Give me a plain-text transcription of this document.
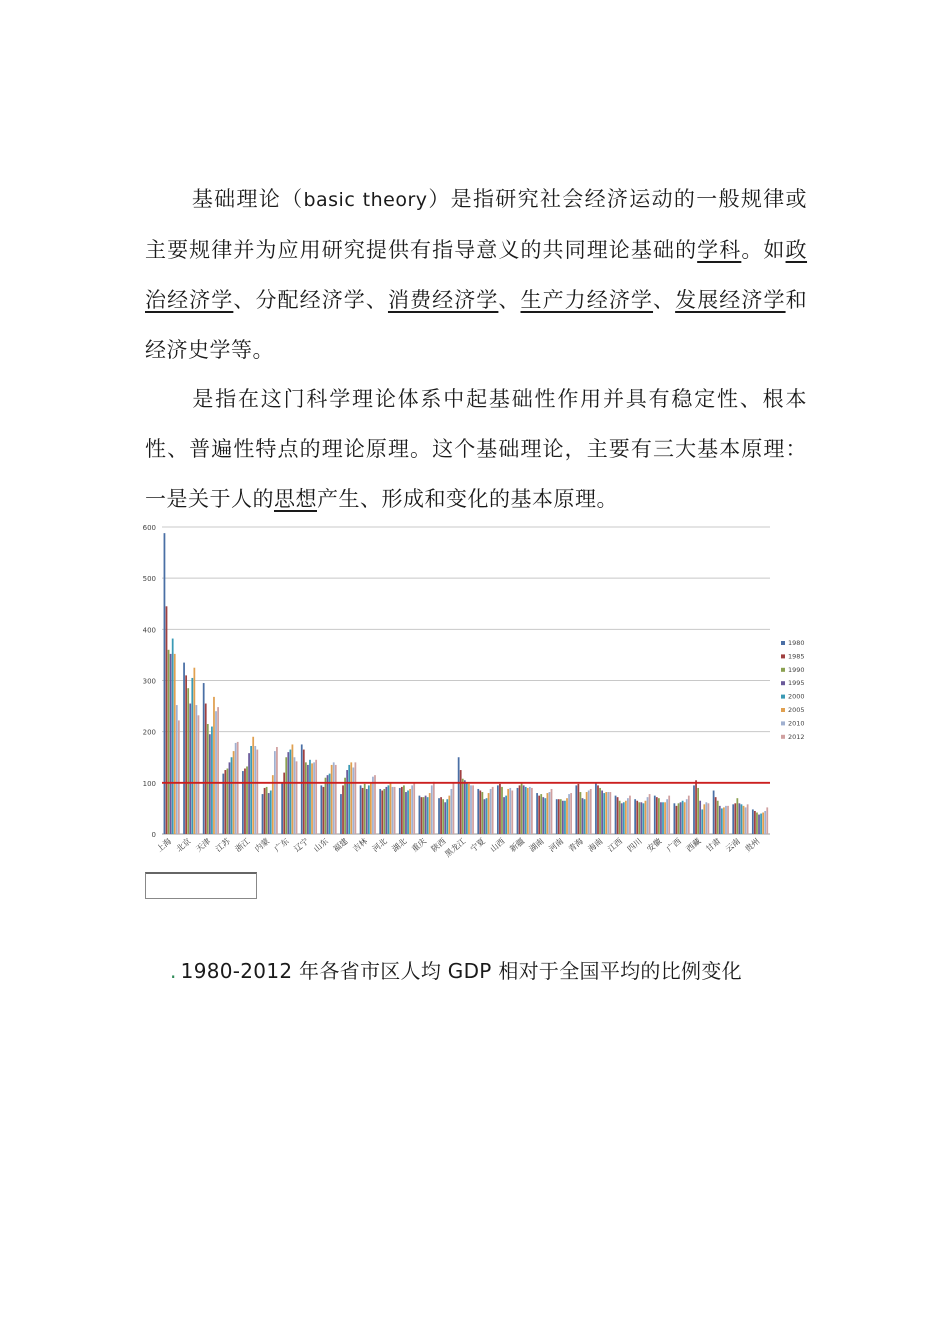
基础理论（basic theory）是指研究社会经济运动的一般规律或主要规律并为应用研究提供有指导意义的共同理论基础的学科。如政治经济学、分配经济学、消费经济学、生产力经济学、发展经济学和经济史学等。
是指在这门科学理论体系中起基础性作用并具有稳定性、根本性、普遍性特点的理论原理。这个基础理论，主要有三大基本原理：一是关于人的思想产生、形成和变化的基本原理。
0
100
200
300
400
500
600
上海 北京 天津 江苏 浙江 内蒙 广东 辽宁 山东 福建 吉林 河北 湖北 重庆 陕西
黑龙江 宁夏 山西 新疆 湖南 河南 青海 海南 江西 四川 安徽 广西 西藏 甘肃 云南 贵州
1980
1985
1990
1995
2000
2005
2010
2012
. 1980-2012 年各省市区人均 GDP 相对于全国平均的比例变化
